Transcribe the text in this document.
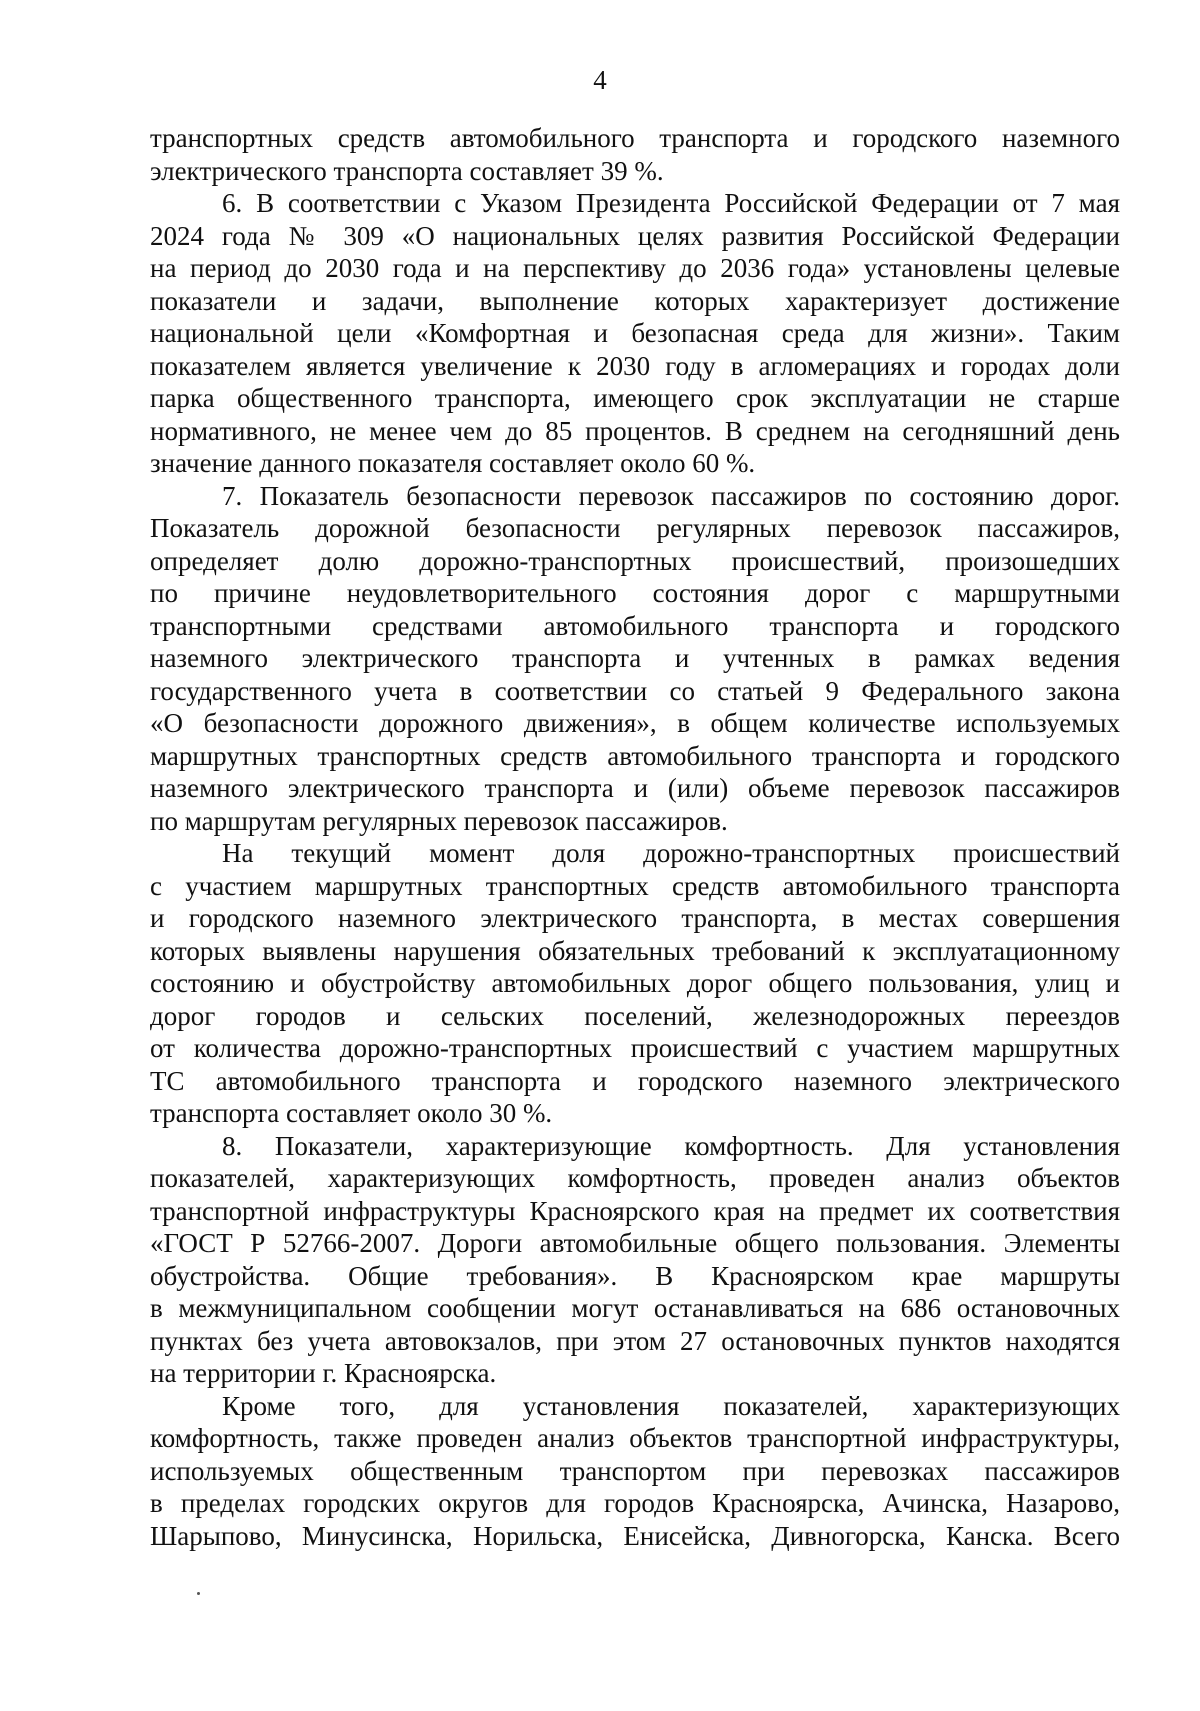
4
транспортных средств автомобильного транспорта и городского наземного
электрического транспорта составляет 39 %.
6. В соответствии с Указом Президента Российской Федерации от 7 мая
2024 года № 309 «О национальных целях развития Российской Федерации
на период до 2030 года и на перспективу до 2036 года» установлены целевые
показатели и задачи, выполнение которых характеризует достижение
национальной цели «Комфортная и безопасная среда для жизни». Таким
показателем является увеличение к 2030 году в агломерациях и городах доли
парка общественного транспорта, имеющего срок эксплуатации не старше
нормативного, не менее чем до 85 процентов. В среднем на сегодняшний день
значение данного показателя составляет около 60 %.
7. Показатель безопасности перевозок пассажиров по состоянию дорог.
Показатель дорожной безопасности регулярных перевозок пассажиров,
определяет долю дорожно-транспортных происшествий, произошедших
по причине неудовлетворительного состояния дорог с маршрутными
транспортными средствами автомобильного транспорта и городского
наземного электрического транспорта и учтенных в рамках ведения
государственного учета в соответствии со статьей 9 Федерального закона
«О безопасности дорожного движения», в общем количестве используемых
маршрутных транспортных средств автомобильного транспорта и городского
наземного электрического транспорта и (или) объеме перевозок пассажиров
по маршрутам регулярных перевозок пассажиров.
На текущий момент доля дорожно-транспортных происшествий
с участием маршрутных транспортных средств автомобильного транспорта
и городского наземного электрического транспорта, в местах совершения
которых выявлены нарушения обязательных требований к эксплуатационному
состоянию и обустройству автомобильных дорог общего пользования, улиц и
дорог городов и сельских поселений, железнодорожных переездов
от количества дорожно-транспортных происшествий с участием маршрутных
ТС автомобильного транспорта и городского наземного электрического
транспорта составляет около 30 %.
8. Показатели, характеризующие комфортность. Для установления
показателей, характеризующих комфортность, проведен анализ объектов
транспортной инфраструктуры Красноярского края на предмет их соответствия
«ГОСТ Р 52766-2007. Дороги автомобильные общего пользования. Элементы
обустройства. Общие требования». В Красноярском крае маршруты
в межмуниципальном сообщении могут останавливаться на 686 остановочных
пунктах без учета автовокзалов, при этом 27 остановочных пунктов находятся
на территории г. Красноярска.
Кроме того, для установления показателей, характеризующих
комфортность, также проведен анализ объектов транспортной инфраструктуры,
используемых общественным транспортом при перевозках пассажиров
в пределах городских округов для городов Красноярска, Ачинска, Назарово,
Шарыпово, Минусинска, Норильска, Енисейска, Дивногорска, Канска. Всего
